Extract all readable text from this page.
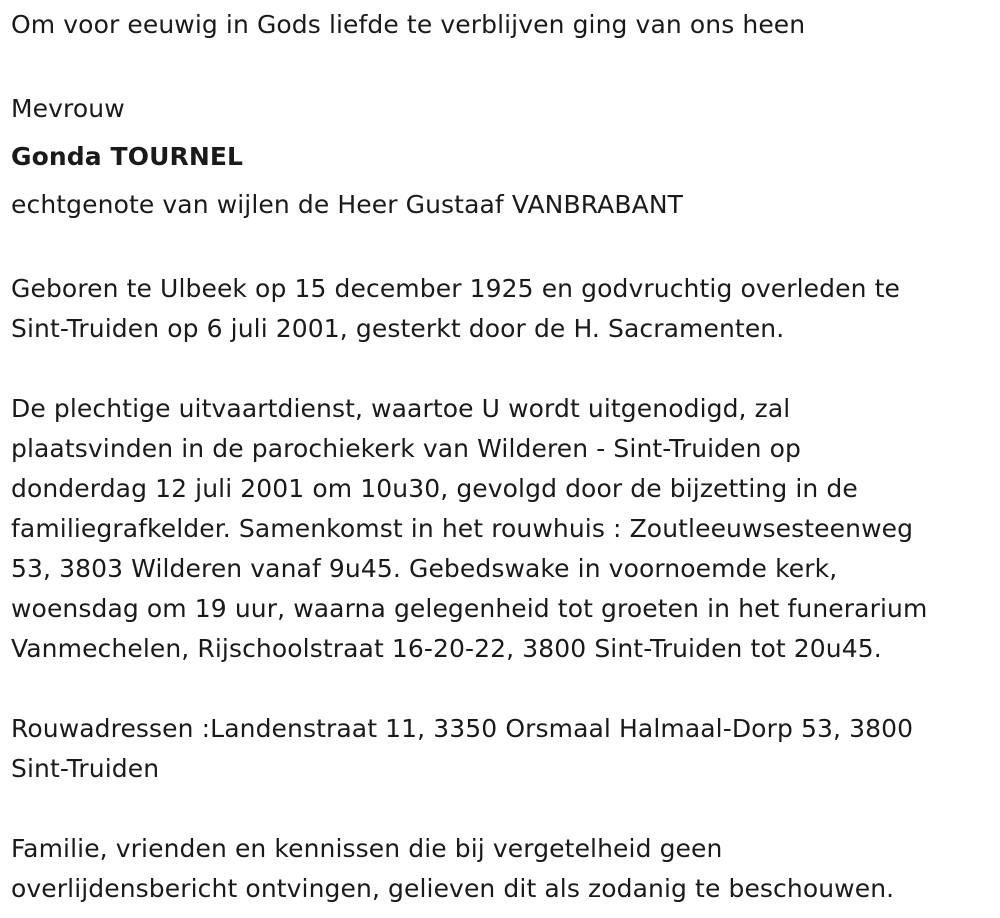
Om voor eeuwig in Gods liefde te verblijven ging van ons heen

Mevrouw

Gonda TOURNEL

echtgenote van wijlen de Heer Gustaaf VANBRABANT

Geboren te Ulbeek op 15 december 1925 en godvruchtig overleden te

Sint-Truiden op 6 juli 2001, gesterkt door de H. Sacramenten.

De plechtige uitvaartdienst, waartoe U wordt uitgenodigd, zal

plaatsvinden in de parochiekerk van Wilderen - Sint-Truiden op

donderdag 12 juli 2001 om 10u30, gevolgd door de bijzetting in de

familiegrafkelder. Samenkomst in het rouwhuis : Zoutleeuwsesteenweg

53, 3803 Wilderen vanaf 9u45. Gebedswake in voornoemde kerk,

woensdag om 19 uur, waarna gelegenheid tot groeten in het funerarium

Vanmechelen, Rijschoolstraat 16-20-22, 3800 Sint-Truiden tot 20u45.

Rouwadressen :Landenstraat 11, 3350 Orsmaal Halmaal-Dorp 53, 3800

Sint-Truiden

Familie, vrienden en kennissen die bij vergetelheid geen

overlijdensbericht ontvingen, gelieven dit als zodanig te beschouwen.
